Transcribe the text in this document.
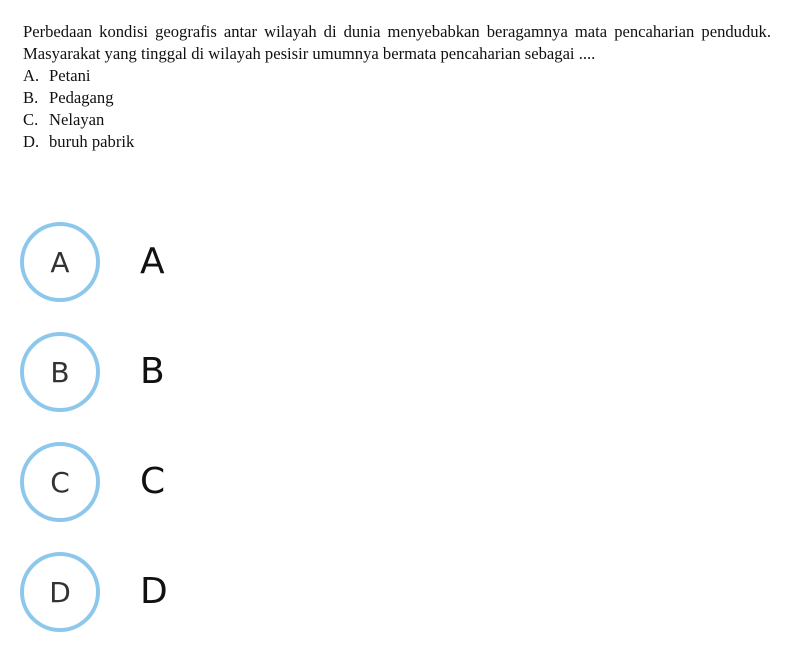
Perbedaan kondisi geografis antar wilayah di dunia menyebabkan beragamnya mata pencaharian penduduk. Masyarakat yang tinggal di wilayah pesisir umumnya bermata pencaharian sebagai ....

A. Petani
B. Pedagang
C. Nelayan
D. buruh pabrik
A	A
B	B
C	C
D	D
